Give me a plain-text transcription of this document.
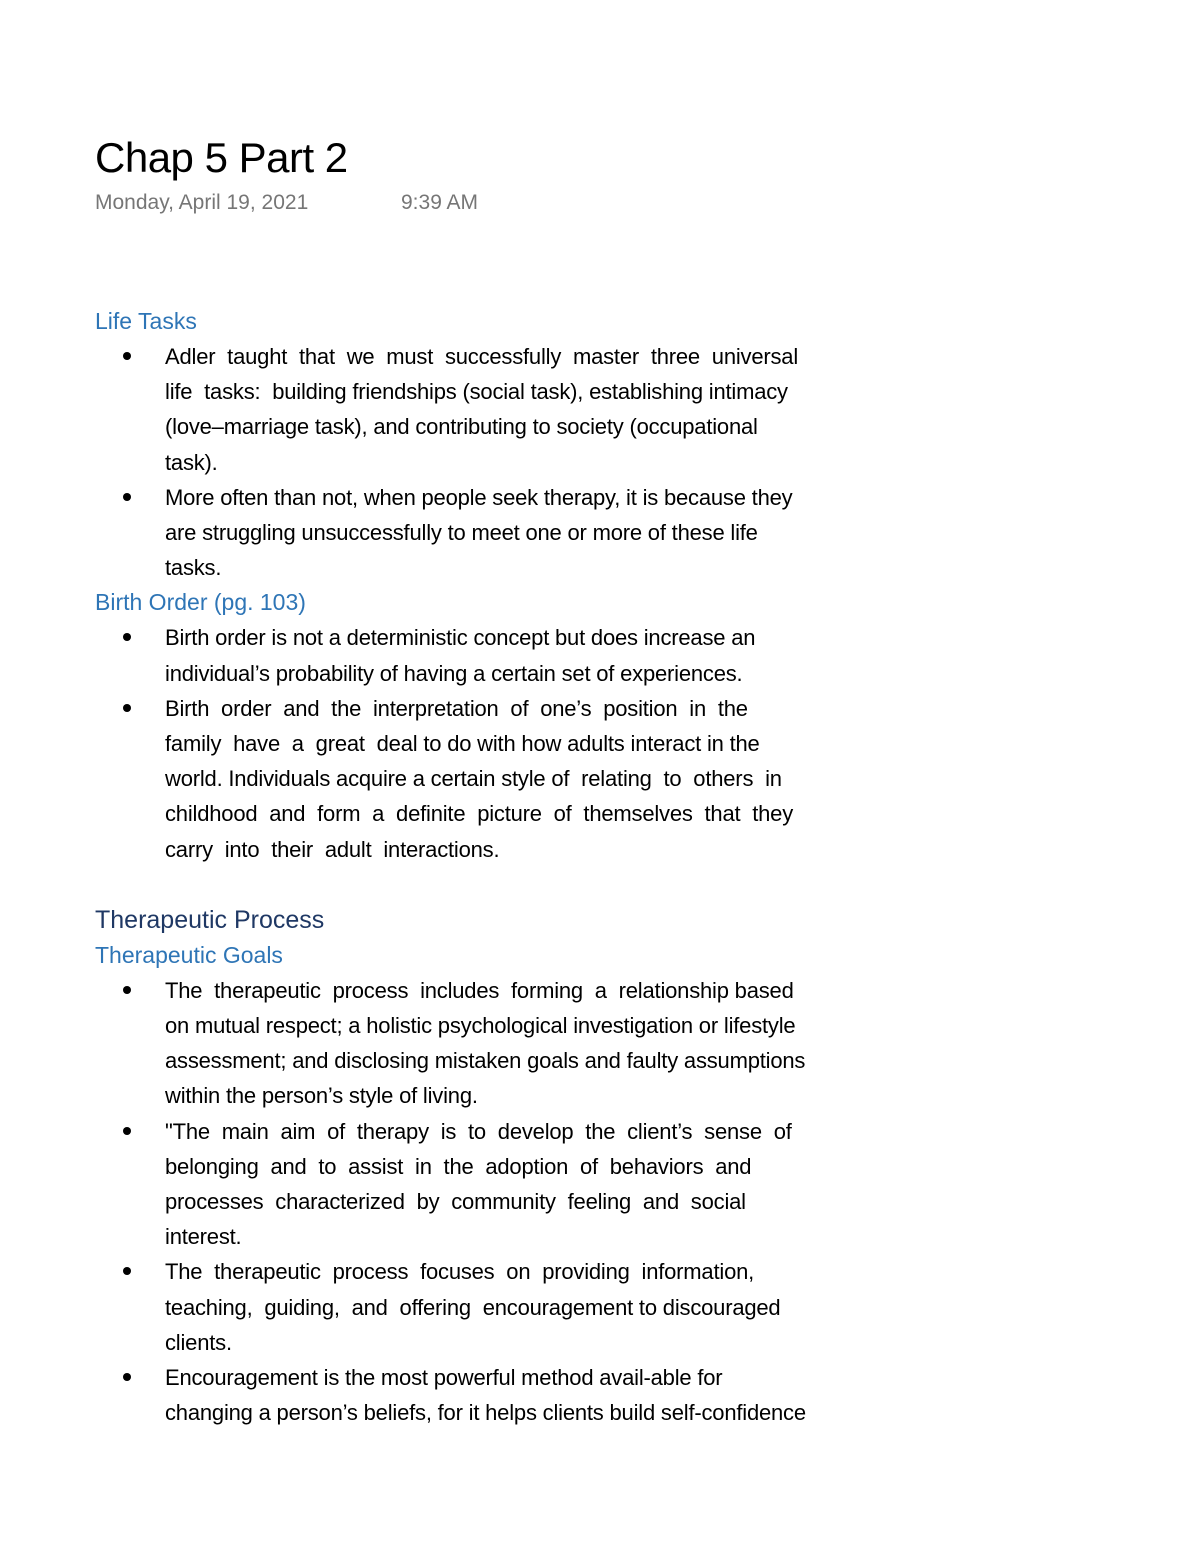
Chap 5 Part 2
Monday, April 19, 2021	9:39 AM
Life Tasks
Adler  taught  that  we  must  successfully  master  three  universal
life  tasks:  building friendships (social task), establishing intimacy
(love–marriage task), and contributing to society (occupational
task).
More often than not, when people seek therapy, it is because they
are struggling unsuccessfully to meet one or more of these life
tasks.
Birth Order (pg. 103)
Birth order is not a deterministic concept but does increase an
individual’s probability of having a certain set of experiences.
Birth  order  and  the  interpretation  of  one’s  position  in  the
family  have  a  great  deal to do with how adults interact in the
world. Individuals acquire a certain style of  relating  to  others  in
childhood  and  form  a  definite  picture  of  themselves  that  they
carry  into  their  adult  interactions.
Therapeutic Process
Therapeutic Goals
The  therapeutic  process  includes  forming  a  relationship based
on mutual respect; a holistic psychological investigation or lifestyle
assessment; and disclosing mistaken goals and faulty assumptions
within the person’s style of living.
"The  main  aim  of  therapy  is  to  develop  the  client’s  sense  of
belonging  and  to  assist  in  the  adoption  of  behaviors  and
processes  characterized  by  community  feeling  and  social
interest.
The  therapeutic  process  focuses  on  providing  information,
teaching,  guiding,  and  offering  encouragement to discouraged
clients.
Encouragement is the most powerful method avail-able for
changing a person’s beliefs, for it helps clients build self-confidence
